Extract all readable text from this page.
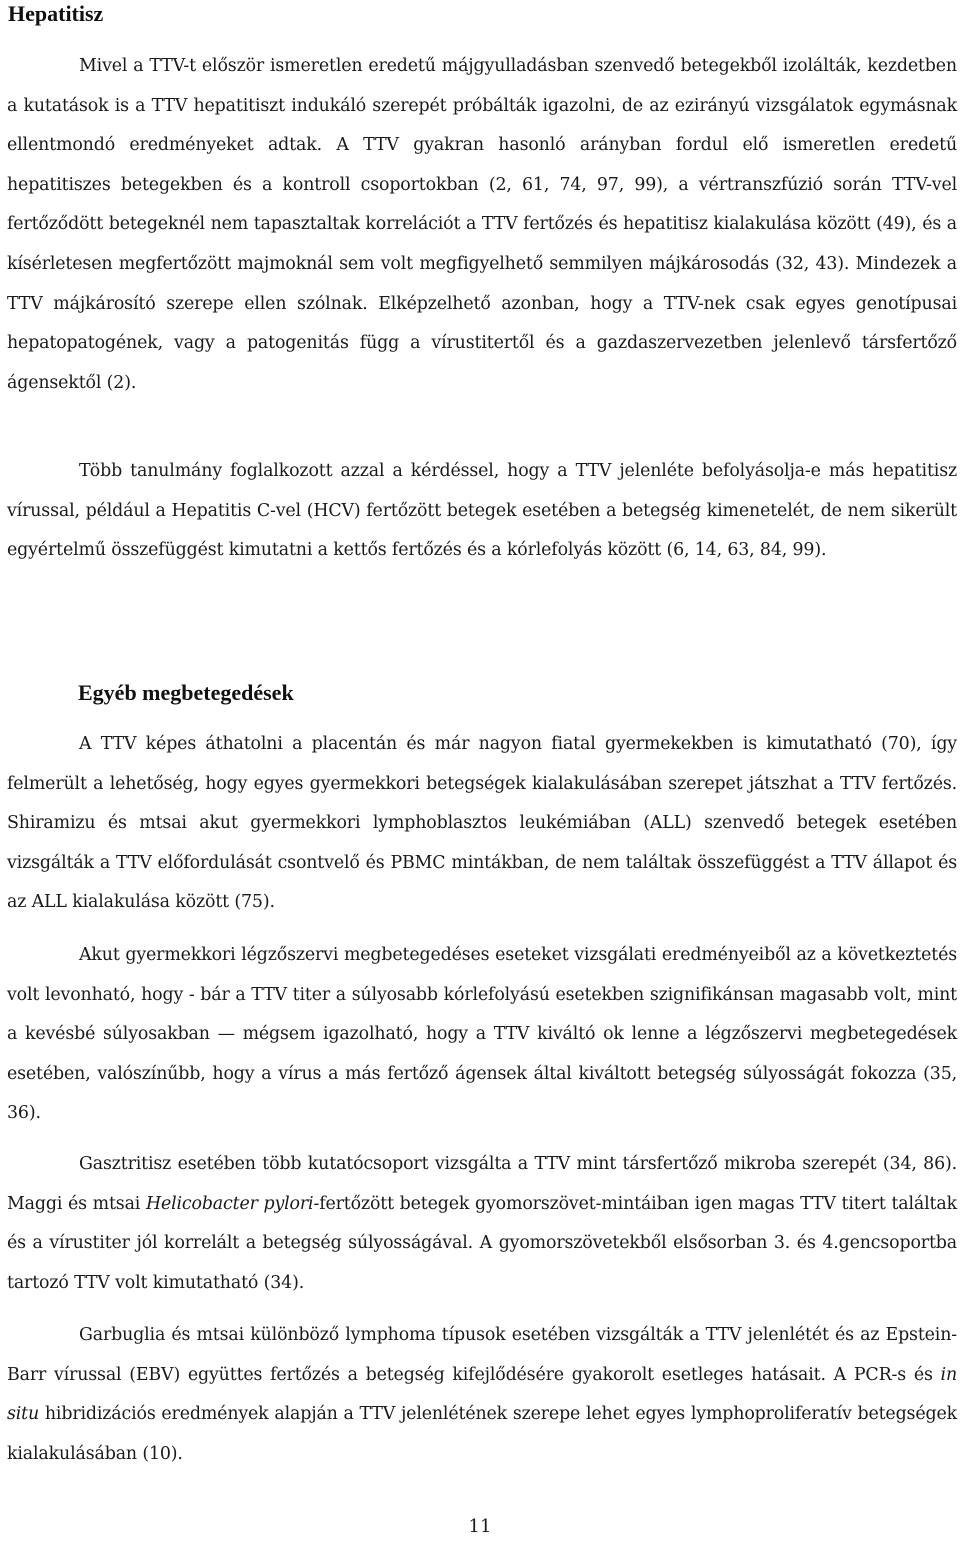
Hepatitisz

Mivel a TTV-t először ismeretlen eredetű májgyulladásban szenvedő betegekből izolálták, kezdetben a kutatások is a TTV hepatitiszt indukáló szerepét próbálták igazolni, de az ezirányú vizsgálatok egymásnak ellentmondó eredményeket adtak. A TTV gyakran hasonló arányban fordul elő ismeretlen eredetű hepatitiszes betegekben és a kontroll csoportokban (2, 61, 74, 97, 99), a vértranszfúzió során TTV-vel fertőződött betegeknél nem tapasztaltak korrelációt a TTV fertőzés és hepatitisz kialakulása között (49), és a kísérletesen megfertőzött majmoknál sem volt megfigyelhető semmilyen májkárosodás (32, 43). Mindezek a TTV májkárosító szerepe ellen szólnak. Elképzelhető azonban, hogy a TTV-nek csak egyes genotípusai hepatopatogének, vagy a patogenitás függ a vírustitertől és a gazdaszervezetben jelenlevő társfertőző ágensektől (2).

Több tanulmány foglalkozott azzal a kérdéssel, hogy a TTV jelenléte befolyásolja-e más hepatitisz vírussal, például a Hepatitis C-vel (HCV) fertőzött betegek esetében a betegség kimenetelét, de nem sikerült egyértelmű összefüggést kimutatni a kettős fertőzés és a kórlefolyás között (6, 14, 63, 84, 99).

Egyéb megbetegedések

A TTV képes áthatolni a placentán és már nagyon fiatal gyermekekben is kimutatható (70), így felmerült a lehetőség, hogy egyes gyermekkori betegségek kialakulásában szerepet játszhat a TTV fertőzés. Shiramizu és mtsai akut gyermekkori lymphoblasztos leukémiában (ALL) szenvedő betegek esetében vizsgálták a TTV előfordulását csontvelő és PBMC mintákban, de nem találtak összefüggést a TTV állapot és az ALL kialakulása között (75).

Akut gyermekkori légzőszervi megbetegedéses eseteket vizsgálati eredményeiből az a következtetés volt levonható, hogy - bár a TTV titer a súlyosabb kórlefolyású esetekben szignifikánsan magasabb volt, mint a kevésbé súlyosakban — mégsem igazolható, hogy a TTV kiváltó ok lenne a légzőszervi megbetegedések esetében, valószínűbb, hogy a vírus a más fertőző ágensek által kiváltott betegség súlyosságát fokozza (35, 36).

Gasztritisz esetében több kutatócsoport vizsgálta a TTV mint társfertőző mikroba szerepét (34, 86). Maggi és mtsai Helicobacter pylori-fertőzött betegek gyomorszövet-mintáiban igen magas TTV titert találtak és a vírustiter jól korrelált a betegség súlyosságával. A gyomorszövetekből elsősorban 3. és 4.gencsoportba tartozó TTV volt kimutatható (34).

Garbuglia és mtsai különböző lymphoma típusok esetében vizsgálták a TTV jelenlétét és az Epstein-Barr vírussal (EBV) együttes fertőzés a betegség kifejlődésére gyakorolt esetleges hatásait. A PCR-s és in situ hibridizációs eredmények alapján a TTV jelenlétének szerepe lehet egyes lymphoproliferatív betegségek kialakulásában (10).

11
